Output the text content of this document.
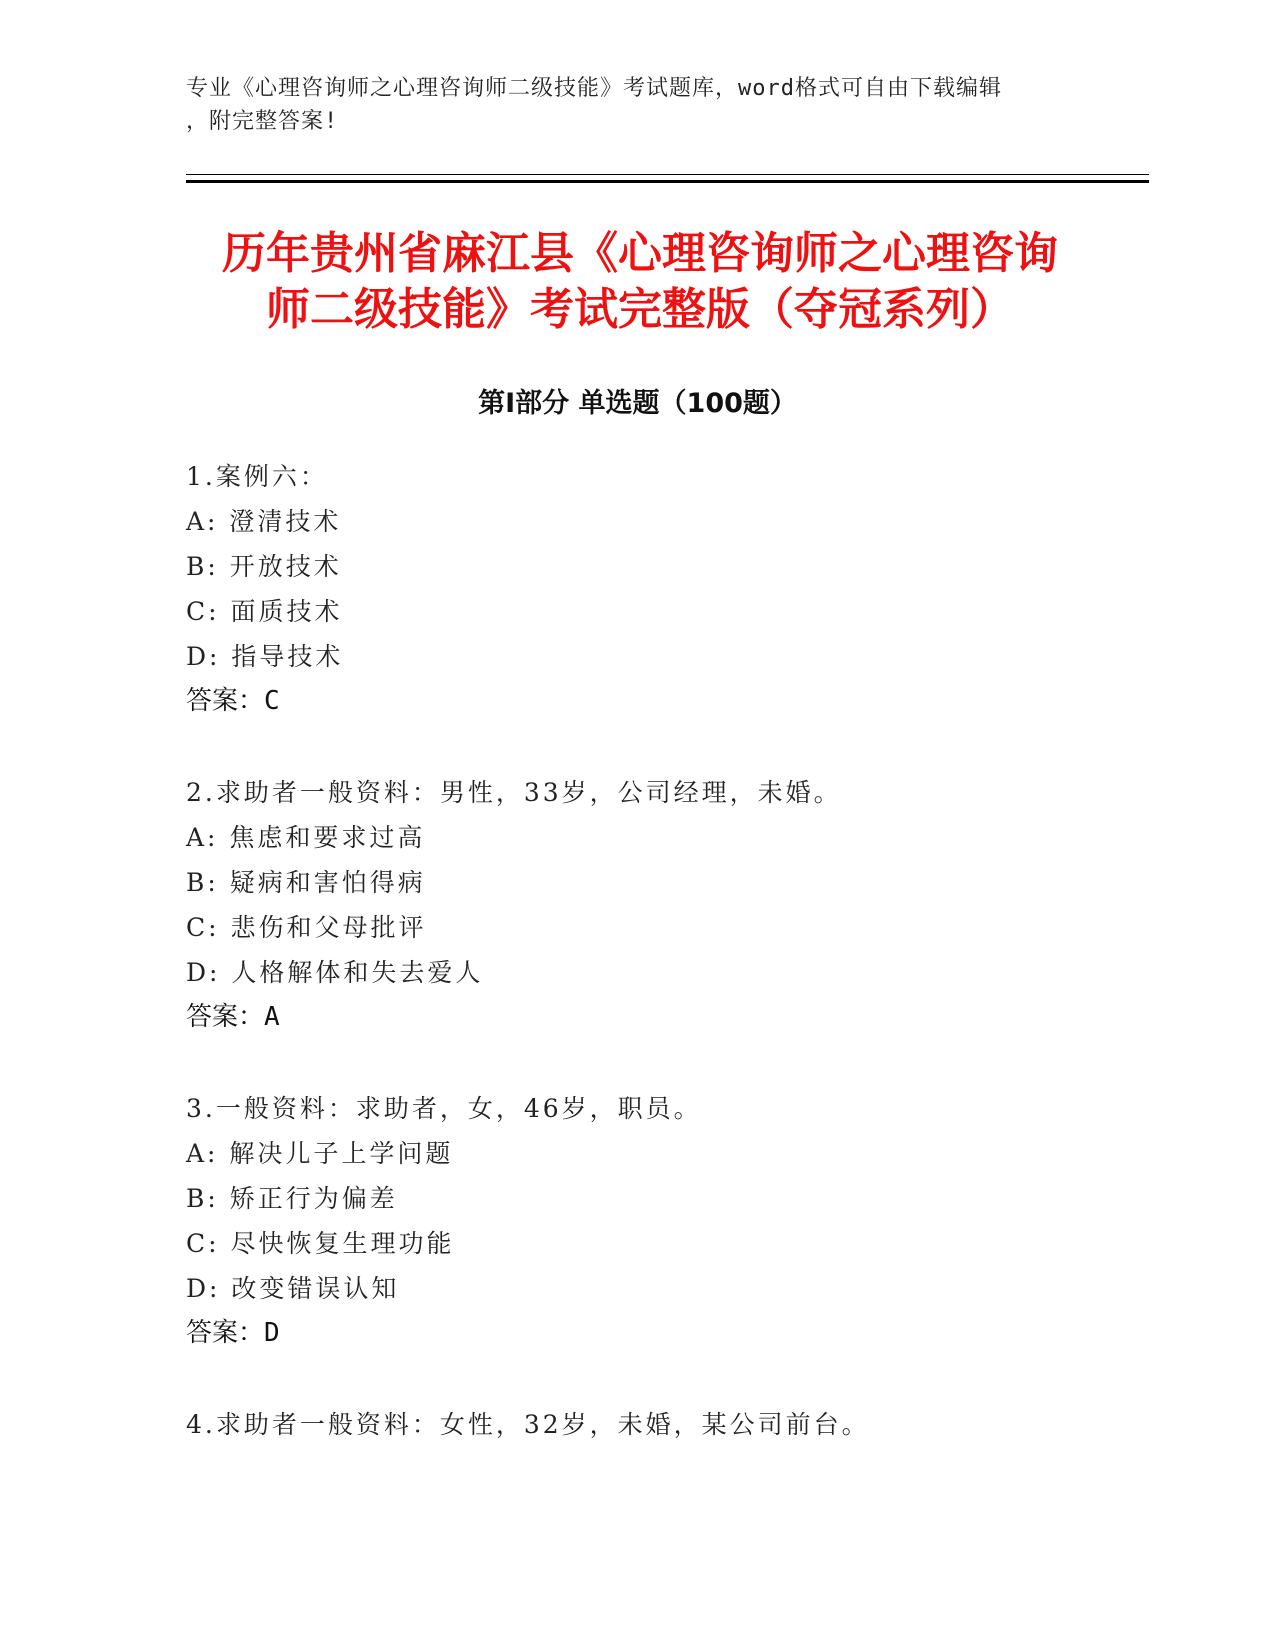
专业《心理咨询师之心理咨询师二级技能》考试题库，word格式可自由下载编辑
，附完整答案!
历年贵州省麻江县《心理咨询师之心理咨询
师二级技能》考试完整版（夺冠系列）
第Ⅰ部分 单选题（100题）
1.案例六：
A: 澄清技术
B: 开放技术
C: 面质技术
D: 指导技术
答案：C
2.求助者一般资料：男性，33岁，公司经理，未婚。
A: 焦虑和要求过高
B: 疑病和害怕得病
C: 悲伤和父母批评
D: 人格解体和失去爱人
答案：A
3.一般资料：求助者，女，46岁，职员。
A: 解决儿子上学问题
B: 矫正行为偏差
C: 尽快恢复生理功能
D: 改变错误认知
答案：D
4.求助者一般资料：女性，32岁，未婚，某公司前台。
